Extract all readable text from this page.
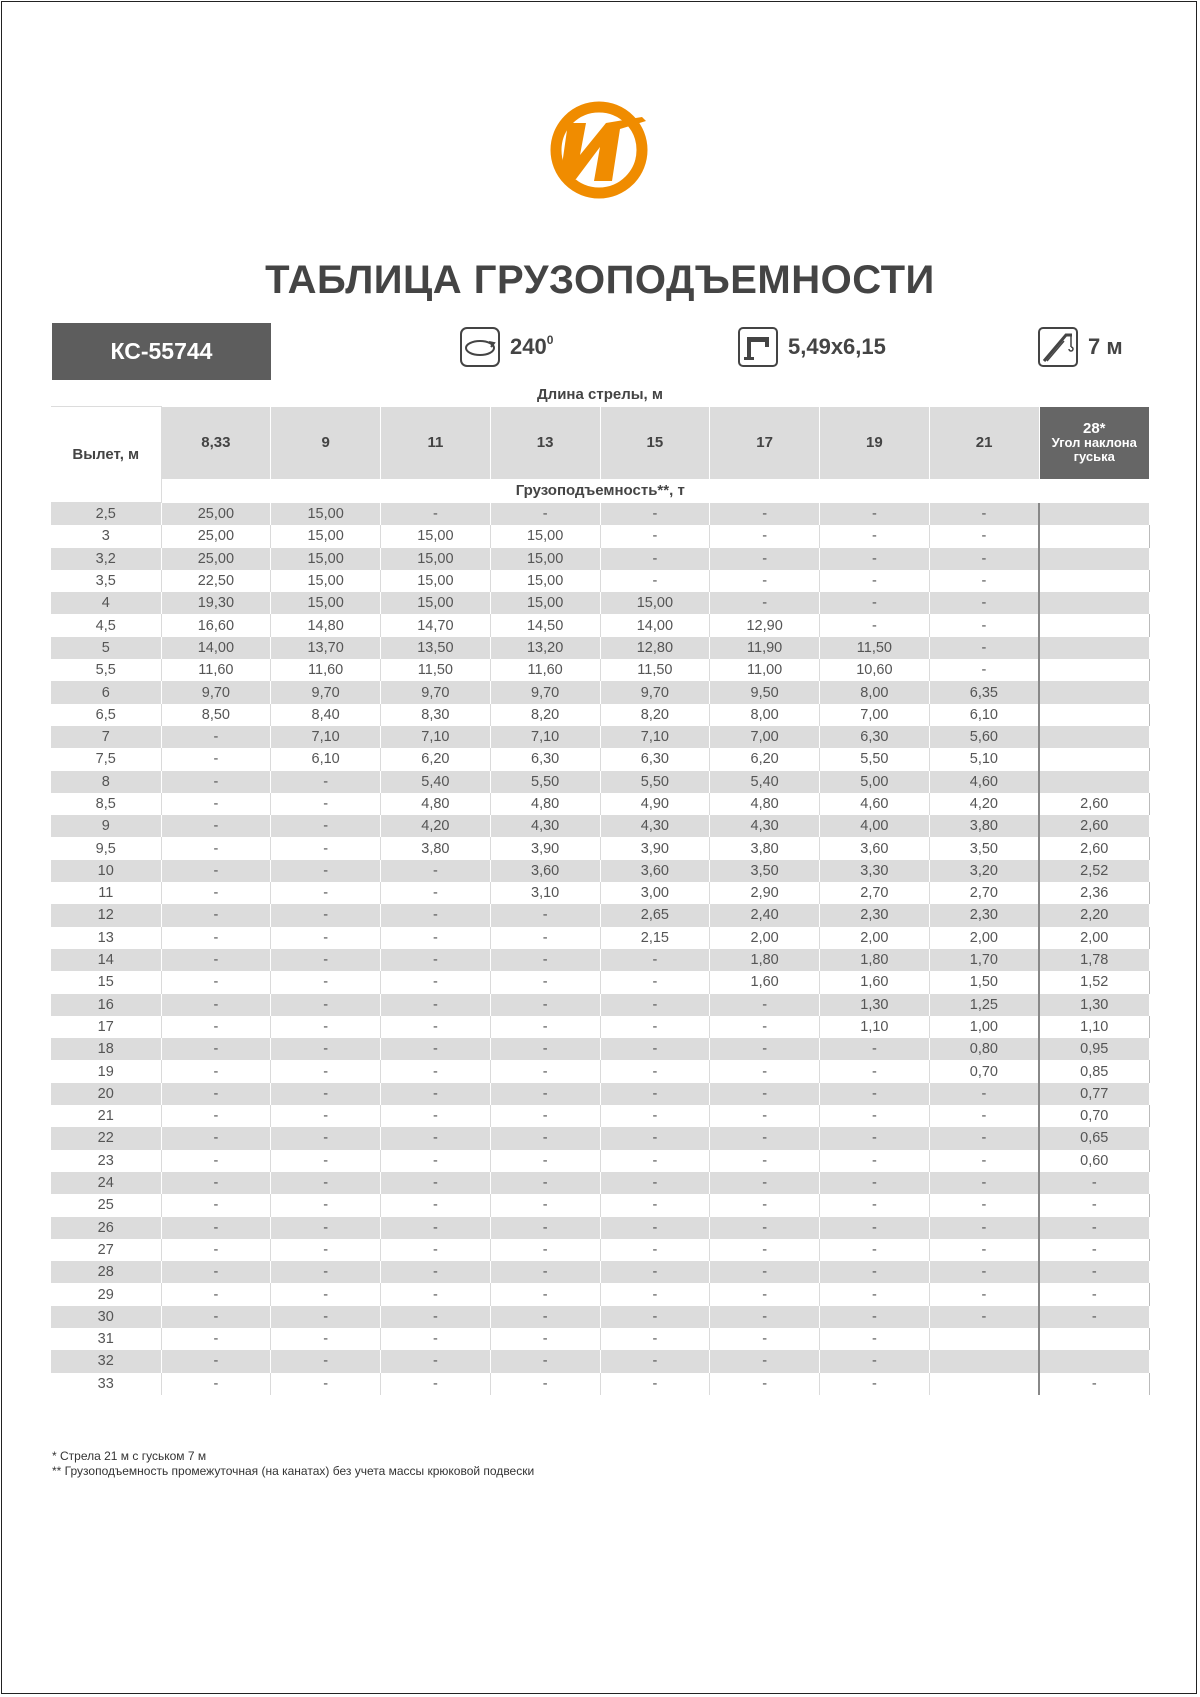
ТАБЛИЦА ГРУЗОПОДЪЕМНОСТИ
КС-55744	$240^0$	5,49х6,15	7 м
Длина стрелы, м
Вылет, м	8,33	9	11	13	15	17	19	21	28*
Угол наклона гуська
	Грузоподъемность**, т								
2,5	25,00	15,00	-	-	-	-	-	-	
3	25,00	15,00	15,00	15,00	-	-	-	-	
3,2	25,00	15,00	15,00	15,00	-	-	-	-	
3,5	22,50	15,00	15,00	15,00	-	-	-	-	
4	19,30	15,00	15,00	15,00	15,00	-	-	-	
4,5	16,60	14,80	14,70	14,50	14,00	12,90	-	-	
5	14,00	13,70	13,50	13,20	12,80	11,90	11,50	-	
5,5	11,60	11,60	11,50	11,60	11,50	11,00	10,60	-	
6	9,70	9,70	9,70	9,70	9,70	9,50	8,00	6,35	
6,5	8,50	8,40	8,30	8,20	8,20	8,00	7,00	6,10	
7	-	7,10	7,10	7,10	7,10	7,00	6,30	5,60	
7,5	-	6,10	6,20	6,30	6,30	6,20	5,50	5,10	
8	-	-	5,40	5,50	5,50	5,40	5,00	4,60	
8,5	-	-	4,80	4,80	4,90	4,80	4,60	4,20	2,60
9	-	-	4,20	4,30	4,30	4,30	4,00	3,80	2,60
9,5	-	-	3,80	3,90	3,90	3,80	3,60	3,50	2,60
10	-	-	-	3,60	3,60	3,50	3,30	3,20	2,52
11	-	-	-	3,10	3,00	2,90	2,70	2,70	2,36
12	-	-	-	-	2,65	2,40	2,30	2,30	2,20
13	-	-	-	-	2,15	2,00	2,00	2,00	2,00
14	-	-	-	-	-	1,80	1,80	1,70	1,78
15	-	-	-	-	-	1,60	1,60	1,50	1,52
16	-	-	-	-	-	-	1,30	1,25	1,30
17	-	-	-	-	-	-	1,10	1,00	1,10
18	-	-	-	-	-	-	-	0,80	0,95
19	-	-	-	-	-	-	-	0,70	0,85
20	-	-	-	-	-	-	-	-	0,77
21	-	-	-	-	-	-	-	-	0,70
22	-	-	-	-	-	-	-	-	0,65
23	-	-	-	-	-	-	-	-	0,60
24	-	-	-	-	-	-	-	-	-
25	-	-	-	-	-	-	-	-	-
26	-	-	-	-	-	-	-	-	-
27	-	-	-	-	-	-	-	-	-
28	-	-	-	-	-	-	-	-	-
29	-	-	-	-	-	-	-	-	-
30	-	-	-	-	-	-	-	-	-
31	-	-	-	-	-	-	-		
32	-	-	-	-	-	-	-		
33	-	-	-	-	-	-	-		-
* Стрела 21 м с гуськом 7 м
** Грузоподъемность промежуточная (на канатах) без учета массы крюковой подвески
